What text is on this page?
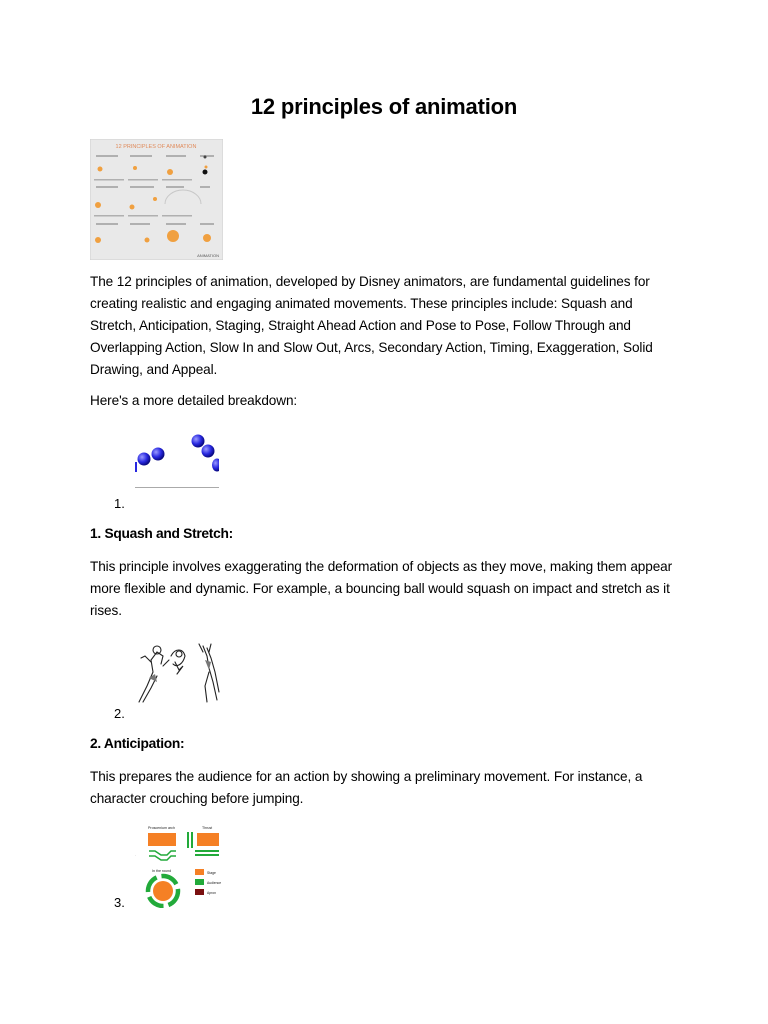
12 principles of animation
12 PRINCIPLES OF ANIMATION
ANIMATION

The 12 principles of animation, developed by Disney animators, are fundamental guidelines for creating realistic and engaging animated movements. These principles include: Squash and Stretch, Anticipation, Staging, Straight Ahead Action and Pose to Pose, Follow Through and Overlapping Action, Slow In and Slow Out, Arcs, Secondary Action, Timing, Exaggeration, Solid Drawing, and Appeal.

Here's a more detailed breakdown:

1.
1. Squash and Stretch:

This principle involves exaggerating the deformation of objects as they move, making them appear more flexible and dynamic. For example, a bouncing ball would squash on impact and stretch as it rises.

2.
2. Anticipation:

This prepares the audience for an action by showing a preliminary movement. For instance, a character crouching before jumping.

Proscenium arch	Thrust
.
In the round	Stage
Audience
Apron
3.
